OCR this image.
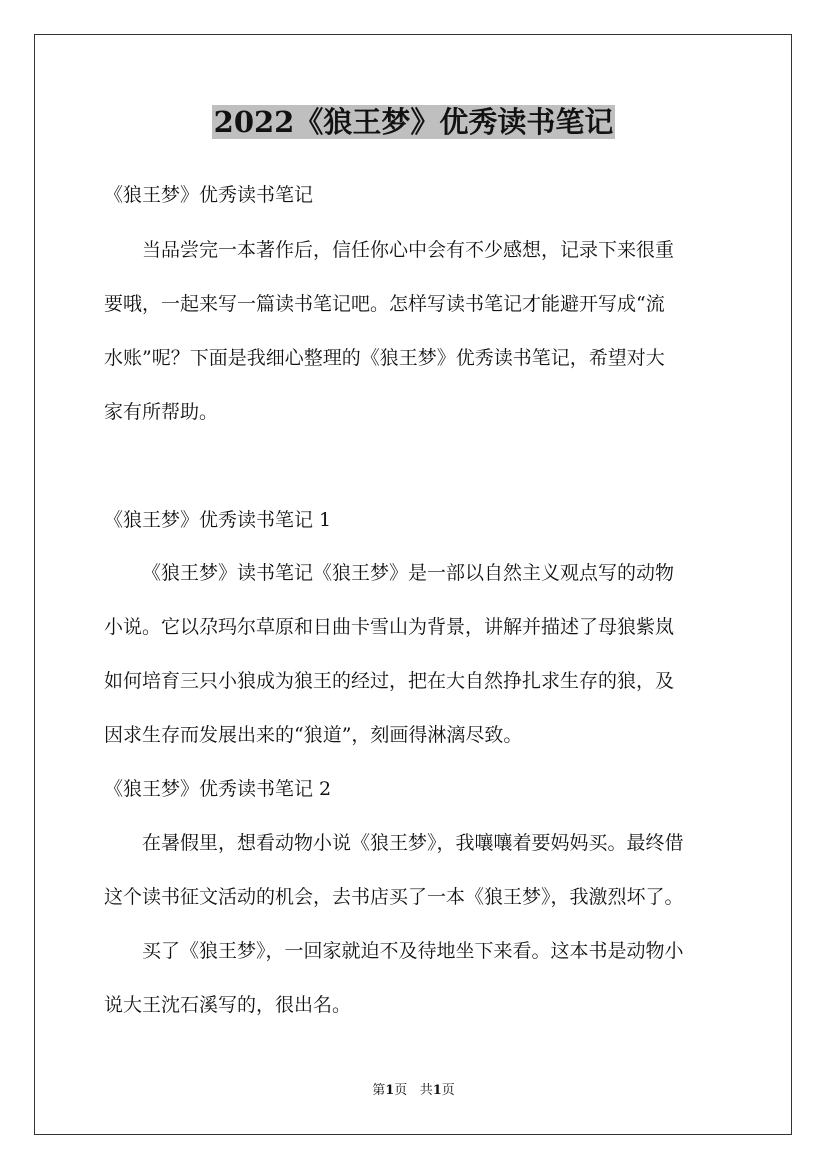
2022《狼王梦》优秀读书笔记
《狼王梦》优秀读书笔记
当品尝完一本著作后，信任你心中会有不少感想，记录下来很重
要哦，一起来写一篇读书笔记吧。怎样写读书笔记才能避开写成“流
水账”呢？下面是我细心整理的《狼王梦》优秀读书笔记，希望对大
家有所帮助。
《狼王梦》优秀读书笔记 1
《狼王梦》读书笔记《狼王梦》是一部以自然主义观点写的动物
小说。它以尕玛尔草原和日曲卡雪山为背景，讲解并描述了母狼紫岚
如何培育三只小狼成为狼王的经过，把在大自然挣扎求生存的狼，及
因求生存而发展出来的“狼道”，刻画得淋漓尽致。
《狼王梦》优秀读书笔记 2
在暑假里，想看动物小说《狼王梦》，我嚷嚷着要妈妈买。最终借
这个读书征文活动的机会，去书店买了一本《狼王梦》，我激烈坏了。
买了《狼王梦》，一回家就迫不及待地坐下来看。这本书是动物小
说大王沈石溪写的，很出名。
第1页 共1页
